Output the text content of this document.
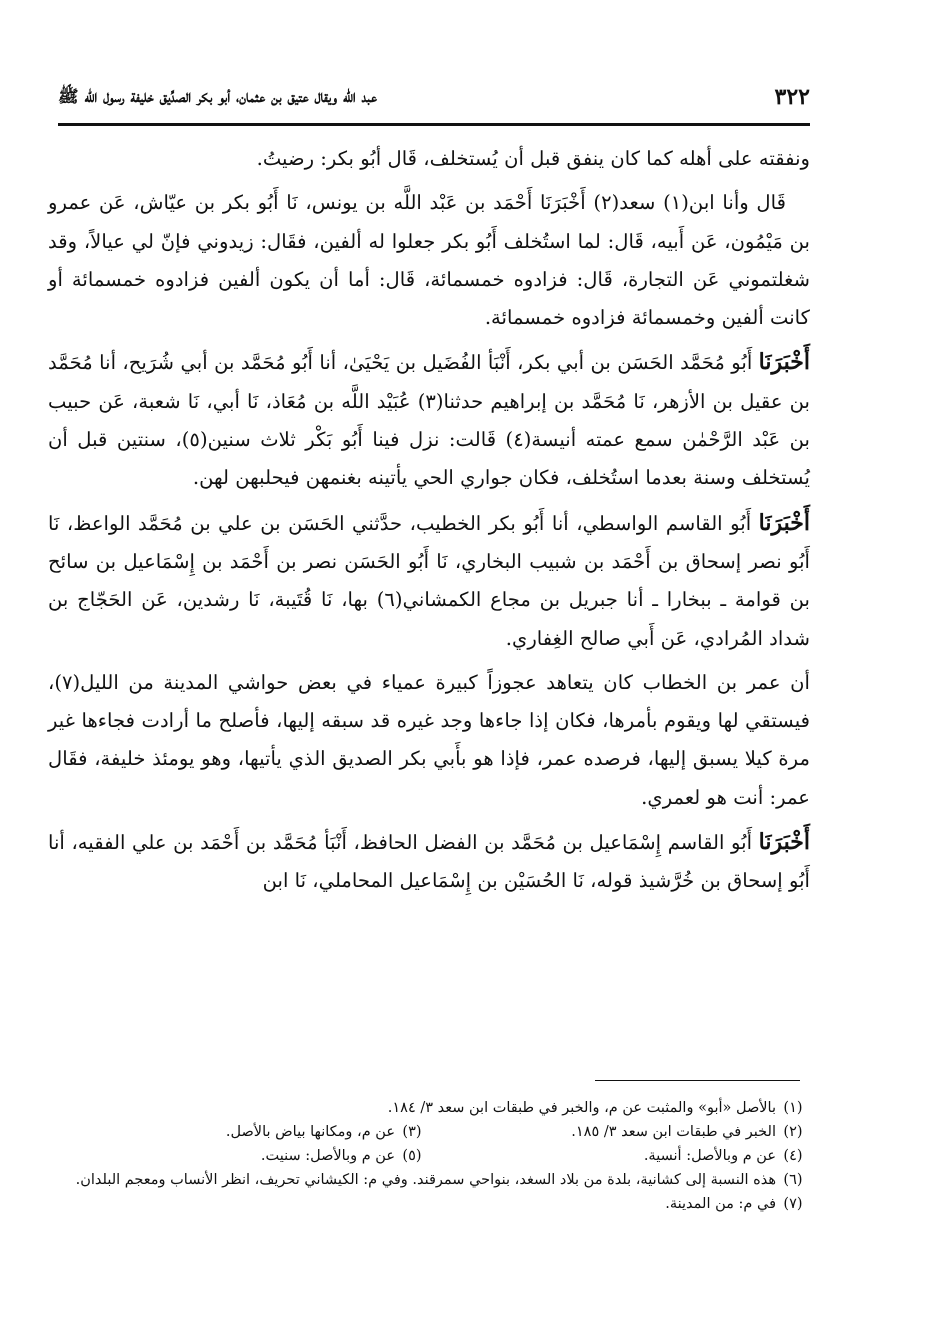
٣٢٢
عبد الله ويقال عتيق بن عثمان، أبو بكر الصدِّيق خليفة رسول الله ﷺ

ونفقته على أهله كما كان ينفق قبل أن يُستخلف، قَال أبُو بكر: رضيتُ.

قَال وأنا ابن(١) سعد(٢) أَخْبَرَنَا أَحْمَد بن عَبْد اللَّه بن يونس، نَا أَبُو بكر بن عيّاش، عَن عمرو بن مَيْمُون، عَن أَبيه، قَال: لما استُخلف أَبُو بكر جعلوا له ألفين، فقَال: زيدوني فإنّ لي عيالاً، وقد شغلتموني عَن التجارة، قَال: فزادوه خمسمائة، قَال: أما أن يكون ألفين فزادوه خمسمائة أو كانت ألفين وخمسمائة فزادوه خمسمائة.

أَخْبَرَنَا أَبُو مُحَمَّد الحَسَن بن أبي بكر، أَنْبَأ الفُضَيل بن يَحْيَىٰ، أنا أَبُو مُحَمَّد بن أبي شُرَيح، أنا مُحَمَّد بن عقيل بن الأزهر، نَا مُحَمَّد بن إبراهيم حدثنا(٣) عُبَيْد اللَّه بن مُعَاذ، نَا أبي، نَا شعبة، عَن حبيب بن عَبْد الرَّحْمٰن سمع عمته أنيسة(٤) قَالت: نزل فينا أَبُو بَكْر ثلاث سنين(٥)، سنتين قبل أن يُستخلف وسنة بعدما استُخلف، فكان جواري الحي يأتينه بغنمهن فيحلبهن لهن.

أَخْبَرَنَا أَبُو القاسم الواسطي، أنا أَبُو بكر الخطيب، حدَّثني الحَسَن بن علي بن مُحَمَّد الواعظ، نَا أَبُو نصر إسحاق بن أَحْمَد بن شبيب البخاري، نَا أَبُو الحَسَن نصر بن أَحْمَد بن إِسْمَاعيل بن سائح بن قوامة ـ ببخارا ـ أنا جبريل بن مجاع الكمشاني(٦) بها، نَا قُتَيبة، نَا رشدين، عَن الحَجّاج بن شداد المُرادي، عَن أَبي صالح الغِفاري.

أن عمر بن الخطاب كان يتعاهد عجوزاً كبيرة عمياء في بعض حواشي المدينة من الليل(٧)، فيستقي لها ويقوم بأمرها، فكان إذا جاءها وجد غيره قد سبقه إليها، فأصلح ما أرادت فجاءها غير مرة كيلا يسبق إليها، فرصده عمر، فإذا هو بأَبي بكر الصديق الذي يأتيها، وهو يومئذ خليفة، فقَال عمر: أنت هو لعمري.

أَخْبَرَنَا أَبُو القاسم إِسْمَاعيل بن مُحَمَّد بن الفضل الحافظ، أَنْبَأ مُحَمَّد بن أَحْمَد بن علي الفقيه، أنا أَبُو إسحاق بن خُرَّشيذ قوله، نَا الحُسَيْن بن إِسْمَاعيل المحاملي، نَا ابن

(١)
بالأصل «أبو» والمثبت عن م، والخبر في طبقات ابن سعد ٣/ ١٨٤.
(٢)
الخبر في طبقات ابن سعد ٣/ ١٨٥.
(٣)
عن م، ومكانها بياض بالأصل.
(٤)
عن م وبالأصل: أنسية.
(٥)
عن م وبالأصل: سنيت.
(٦)
هذه النسبة إلى كشانية، بلدة من بلاد السغد، بنواحي سمرقند. وفي م: الكيشاني تحريف، انظر الأنساب ومعجم البلدان.
(٧)
في م: من المدينة.
